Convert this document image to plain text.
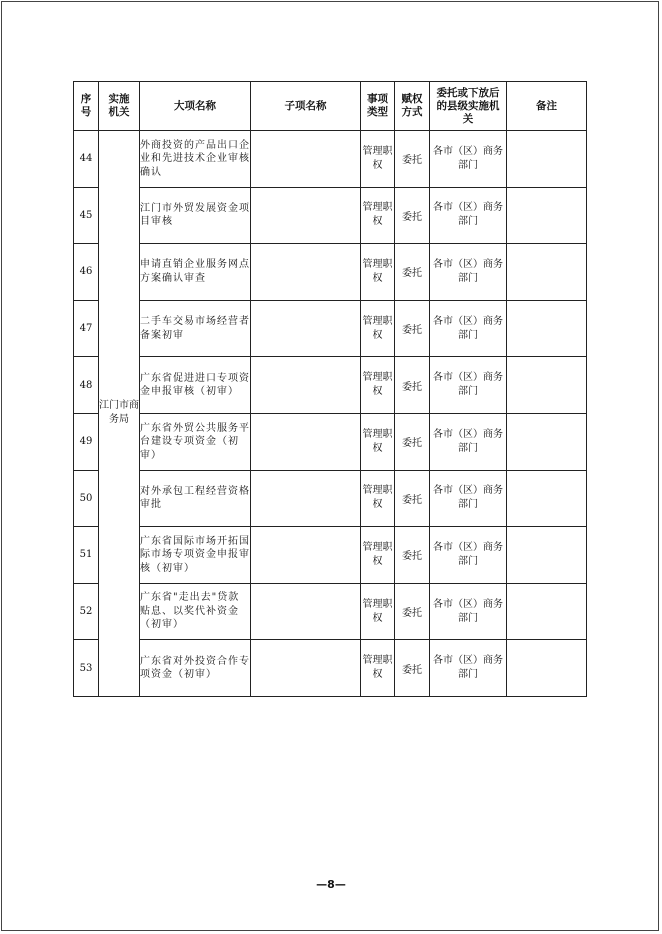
序号	实施机关	大项名称	子项名称	事项类型	赋权方式	委托或下放后的县级实施机关	备注
44	江门市商务局	外商投资的产品出口企业和先进技术企业审核确认		管理职权	委托	各市（区）商务部门	
45		江门市外贸发展资金项目审核		管理职权	委托	各市（区）商务部门	
46		申请直销企业服务网点方案确认审查		管理职权	委托	各市（区）商务部门	
47		二手车交易市场经营者备案初审		管理职权	委托	各市（区）商务部门	
48		广东省促进进口专项资金申报审核（初审）		管理职权	委托	各市（区）商务部门	
49		广东省外贸公共服务平台建设专项资金（初审）		管理职权	委托	各市（区）商务部门	
50		对外承包工程经营资格审批		管理职权	委托	各市（区）商务部门	
51		广东省国际市场开拓国际市场专项资金申报审核（初审）		管理职权	委托	各市（区）商务部门	
52		广东省"走出去"贷款贴息、以奖代补资金（初审）		管理职权	委托	各市（区）商务部门	
53		广东省对外投资合作专项资金（初审）		管理职权	委托	各市（区）商务部门	
—8—
